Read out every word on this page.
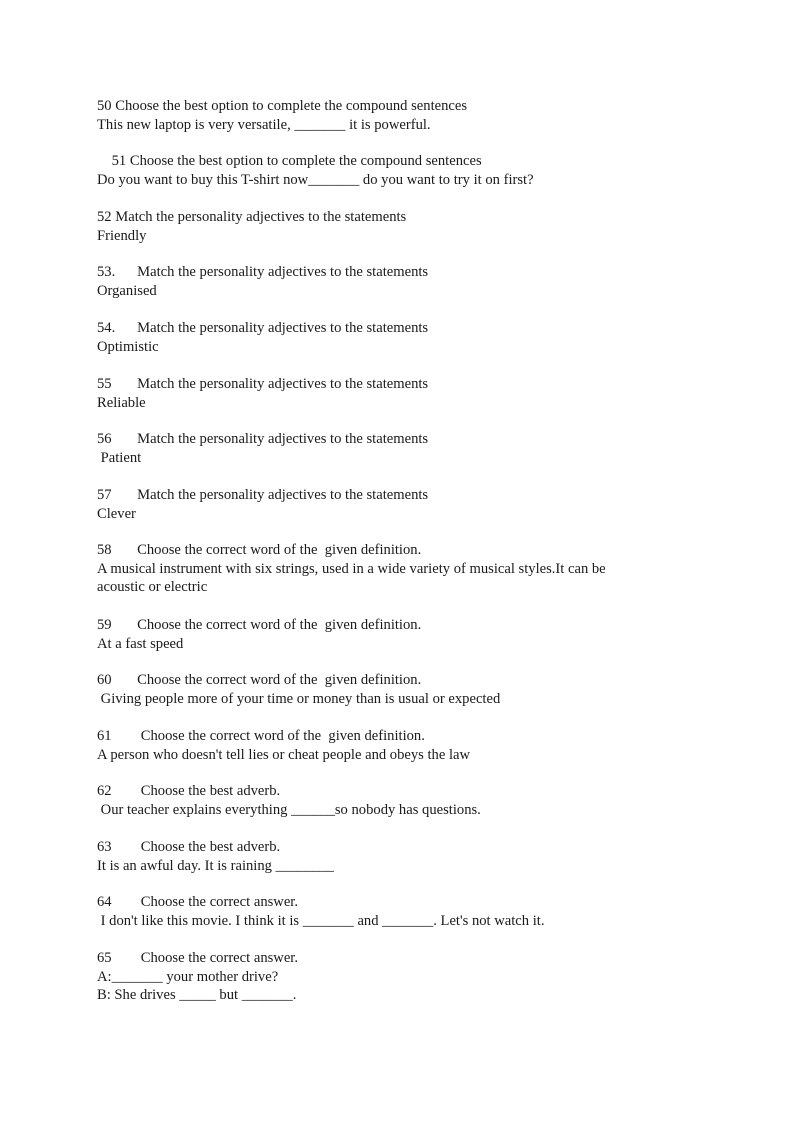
50 Choose the best option to complete the compound sentences
This new laptop is very versatile, _______ it is powerful.
51 Choose the best option to complete the compound sentences
Do you want to buy this T-shirt now_______ do you want to try it on first?
52 Match the personality adjectives to the statements
Friendly
53.      Match the personality adjectives to the statements
Organised
54.      Match the personality adjectives to the statements
Optimistic
55       Match the personality adjectives to the statements
Reliable
56       Match the personality adjectives to the statements
Patient
57       Match the personality adjectives to the statements
Clever
58       Choose the correct word of the  given definition.
A musical instrument with six strings, used in a wide variety of musical styles.It can be
acoustic or electric
59       Choose the correct word of the  given definition.
At a fast speed
60       Choose the correct word of the  given definition.
Giving people more of your time or money than is usual or expected
61        Choose the correct word of the  given definition.
A person who doesn't tell lies or cheat people and obeys the law
62        Choose the best adverb.
Our teacher explains everything ______so nobody has questions.
63        Choose the best adverb.
It is an awful day. It is raining ________
64        Choose the correct answer.
I don't like this movie. I think it is _______ and _______. Let's not watch it.
65        Choose the correct answer.
A:_______ your mother drive?
B: She drives _____ but _______.
